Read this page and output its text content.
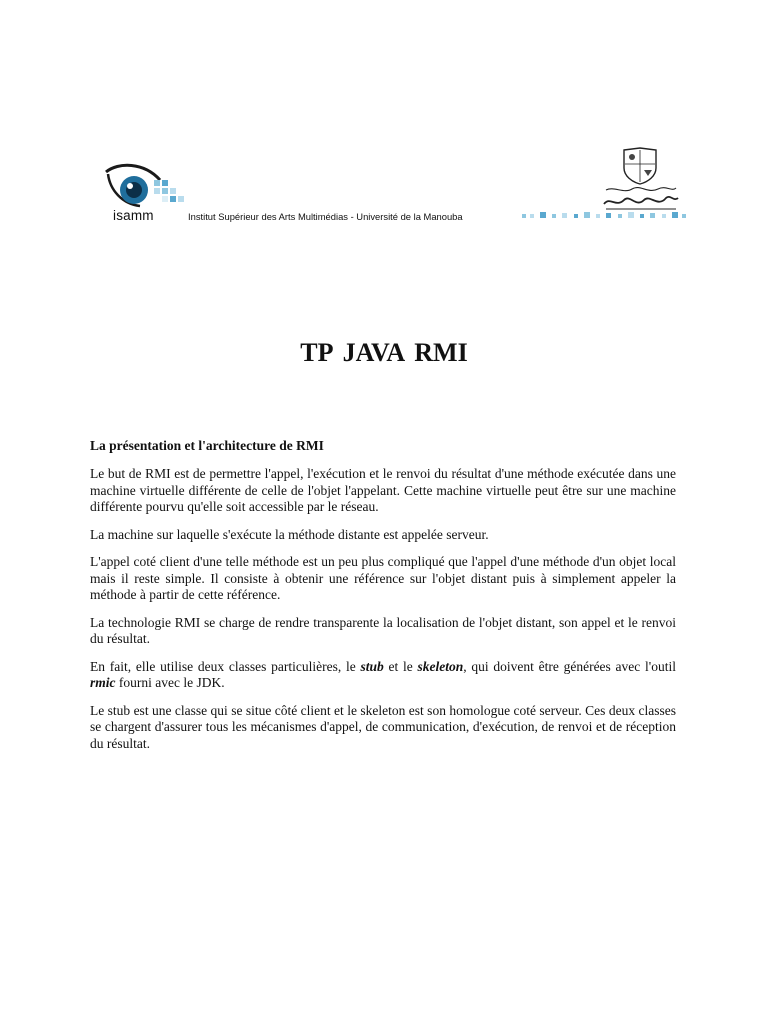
isamm	Institut Supérieur des Arts Multimédias - Université de la Manouba
TP JAVA RMI

La présentation et l'architecture de RMI

Le but de RMI est de permettre l'appel, l'exécution et le renvoi du résultat d'une méthode exécutée dans une machine virtuelle différente de celle de l'objet l'appelant. Cette machine virtuelle peut être sur une machine différente pourvu qu'elle soit accessible par le réseau.

La machine sur laquelle s'exécute la méthode distante est appelée serveur.

L'appel coté client d'une telle méthode est un peu plus compliqué que l'appel d'une méthode d'un objet local mais il reste simple. Il consiste à obtenir une référence sur l'objet distant puis à simplement appeler la méthode à partir de cette référence.

La technologie RMI se charge de rendre transparente la localisation de l'objet distant, son appel et le renvoi du résultat.

En fait, elle utilise deux classes particulières, le stub et le skeleton, qui doivent être générées avec l'outil rmic fourni avec le JDK.

Le stub est une classe qui se situe côté client et le skeleton est son homologue coté serveur. Ces deux classes se chargent d'assurer tous les mécanismes d'appel, de communication, d'exécution, de renvoi et de réception du résultat.
